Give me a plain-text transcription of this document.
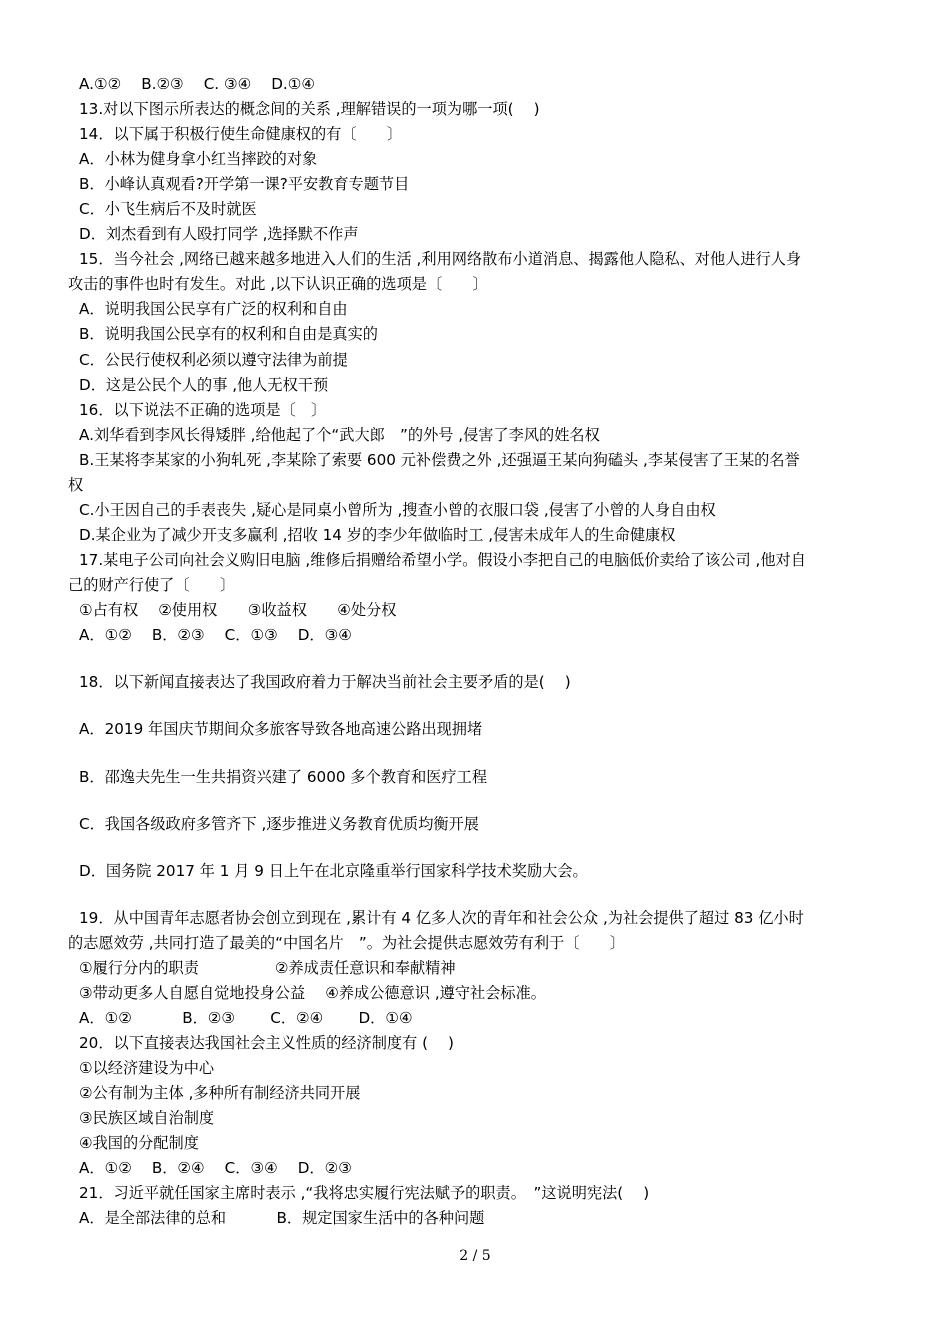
A.①②　 B.②③　 C. ③④　 D.①④
13.对以下图示所表达的概念间的关系 ,理解错误的一项为哪一项(　 )
14．以下属于积极行使生命健康权的有〔　　〕
A．小林为健身拿小红当摔跤的对象
B．小峰认真观看?开学第一课?平安教育专题节目
C．小飞生病后不及时就医
D．刘杰看到有人殴打同学 ,选择默不作声
15．当今社会 ,网络已越来越多地进入人们的生活 ,利用网络散布小道消息、揭露他人隐私、对他人进行人身
攻击的事件也时有发生。对此 ,以下认识正确的选项是〔　　〕
A．说明我国公民享有广泛的权利和自由
B．说明我国公民享有的权利和自由是真实的
C．公民行使权利必须以遵守法律为前提
D．这是公民个人的事 ,他人无权干预
16．以下说法不正确的选项是〔　〕
A.刘华看到李风长得矮胖 ,给他起了个“武大郎　”的外号 ,侵害了李风的姓名权
B.王某将李某家的小狗轧死 ,李某除了索要 600 元补偿费之外 ,还强逼王某向狗磕头 ,李某侵害了王某的名誉
权
C.小王因自己的手表丧失 ,疑心是同桌小曾所为 ,搜查小曾的衣服口袋 ,侵害了小曾的人身自由权
D.某企业为了减少开支多赢利 ,招收 14 岁的李少年做临时工 ,侵害未成年人的生命健康权
17.某电子公司向社会义购旧电脑 ,维修后捐赠给希望小学。假设小李把自己的电脑低价卖给了该公司 ,他对自
己的财产行使了〔　　〕
①占有权　 ②使用权　　③收益权　　④处分权
A．①②　 B．②③　 C．①③　 D．③④
18．以下新闻直接表达了我国政府着力于解决当前社会主要矛盾的是(　 )
A．2019 年国庆节期间众多旅客导致各地高速公路出现拥堵
B．邵逸夫先生一生共捐资兴建了 6000 多个教育和医疗工程
C．我国各级政府多管齐下 ,逐步推进义务教育优质均衡开展
D．国务院 2017 年 1 月 9 日上午在北京隆重举行国家科学技术奖励大会。
19．从中国青年志愿者协会创立到现在 ,累计有 4 亿多人次的青年和社会公众 ,为社会提供了超过 83 亿小时
的志愿效劳 ,共同打造了最美的“中国名片　”。为社会提供志愿效劳有利于〔　　〕
①履行分内的职责　　　　　②养成责任意识和奉献精神
③带动更多人自愿自觉地投身公益　 ④养成公德意识 ,遵守社会标准。
A．①②　　　 B．②③　　 C．②④　　 D．①④
20．以下直接表达我国社会主义性质的经济制度有 (　 )
①以经济建设为中心
②公有制为主体 ,多种所有制经济共同开展
③民族区域自治制度
④我国的分配制度
A．①②　 B．②④　 C．③④　 D．②③
21．习近平就任国家主席时表示 ,“我将忠实履行宪法赋予的职责。　”这说明宪法(　 )
A．是全部法律的总和　　　 B．规定国家生活中的各种问题
2 / 5
